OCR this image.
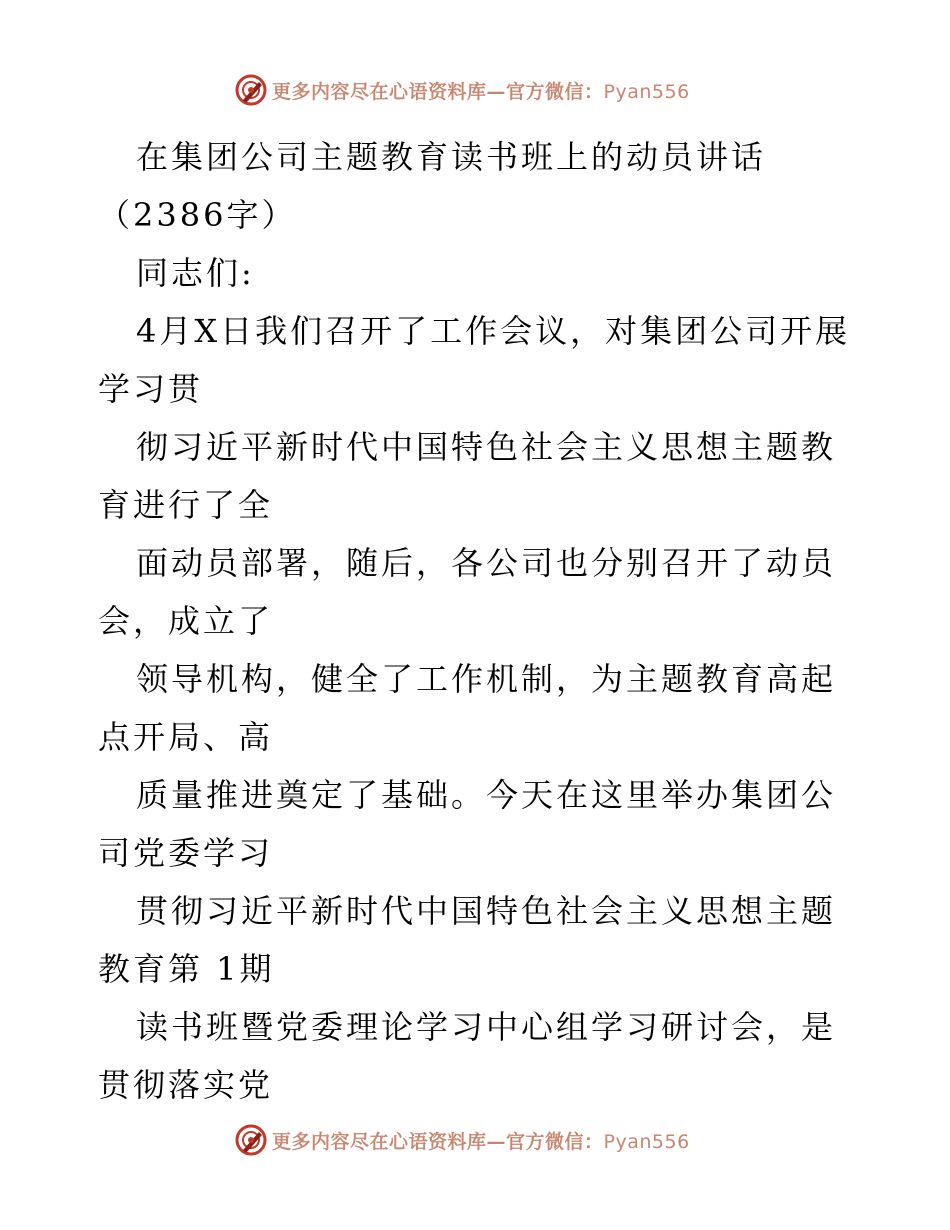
更多内容尽在心语资料库—官方微信：Pyan556

在集团公司主题教育读书班上的动员讲话（2386字）

同志们:

4月X日我们召开了工作会议，对集团公司开展学习贯

彻习近平新时代中国特色社会主义思想主题教育进行了全

面动员部署，随后，各公司也分别召开了动员会，成立了

领导机构，健全了工作机制，为主题教育高起点开局、高

质量推进奠定了基础。今天在这里举办集团公司党委学习

贯彻习近平新时代中国特色社会主义思想主题教育第 1期

读书班暨党委理论学习中心组学习研讨会，是贯彻落实党

更多内容尽在心语资料库—官方微信：Pyan556
